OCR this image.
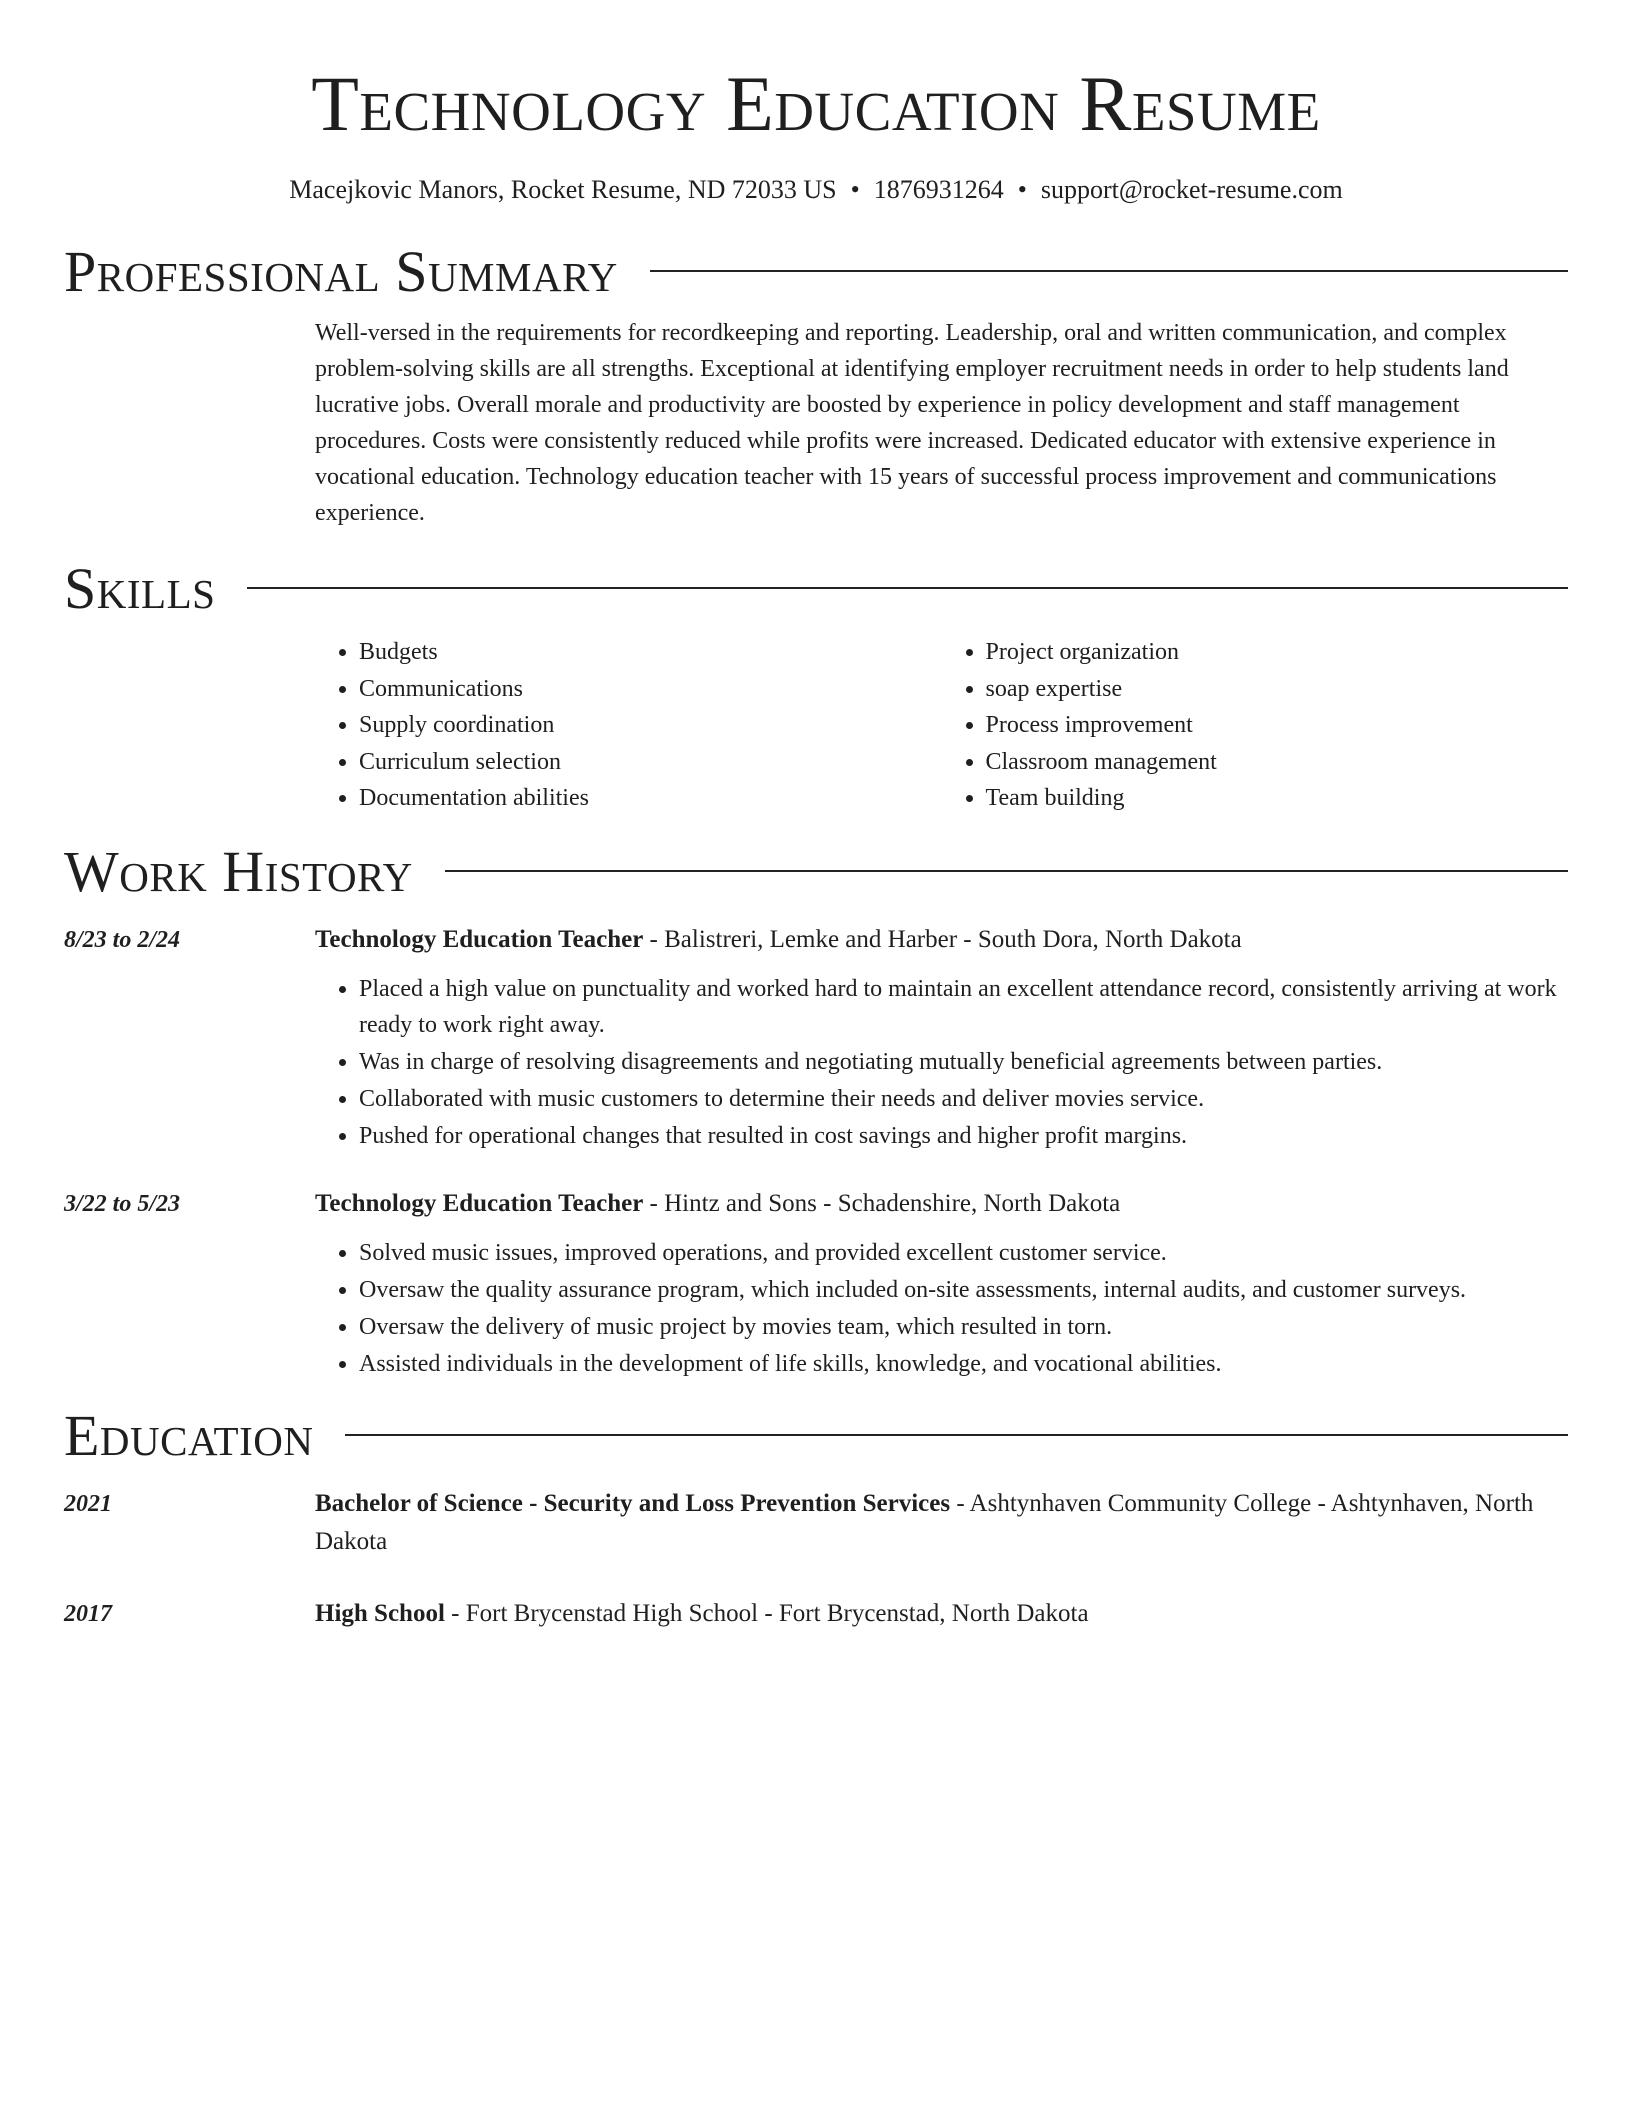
Technology Education Resume
Macejkovic Manors, Rocket Resume, ND 72033 US • 1876931264 • support@rocket-resume.com
Professional Summary

Well-versed in the requirements for recordkeeping and reporting. Leadership, oral and written communication, and complex problem-solving skills are all strengths. Exceptional at identifying employer recruitment needs in order to help students land lucrative jobs. Overall morale and productivity are boosted by experience in policy development and staff management procedures. Costs were consistently reduced while profits were increased. Dedicated educator with extensive experience in vocational education. Technology education teacher with 15 years of successful process improvement and communications experience.

Skills
• Budgets
• Communications
• Supply coordination
• Curriculum selection
• Documentation abilities
• Project organization
• soap expertise
• Process improvement
• Classroom management
• Team building
Work History
8/23 to 2/24	Technology Education Teacher - Balistreri, Lemke and Harber - South Dora, North Dakota
• Placed a high value on punctuality and worked hard to maintain an excellent attendance record, consistently arriving at work ready to work right away.
• Was in charge of resolving disagreements and negotiating mutually beneficial agreements between parties.
• Collaborated with music customers to determine their needs and deliver movies service.
• Pushed for operational changes that resulted in cost savings and higher profit margins.
3/22 to 5/23	Technology Education Teacher - Hintz and Sons - Schadenshire, North Dakota
• Solved music issues, improved operations, and provided excellent customer service.
• Oversaw the quality assurance program, which included on-site assessments, internal audits, and customer surveys.
• Oversaw the delivery of music project by movies team, which resulted in torn.
• Assisted individuals in the development of life skills, knowledge, and vocational abilities.
Education
2021	Bachelor of Science - Security and Loss Prevention Services - Ashtynhaven Community College - Ashtynhaven, North Dakota
2017	High School - Fort Brycenstad High School - Fort Brycenstad, North Dakota
